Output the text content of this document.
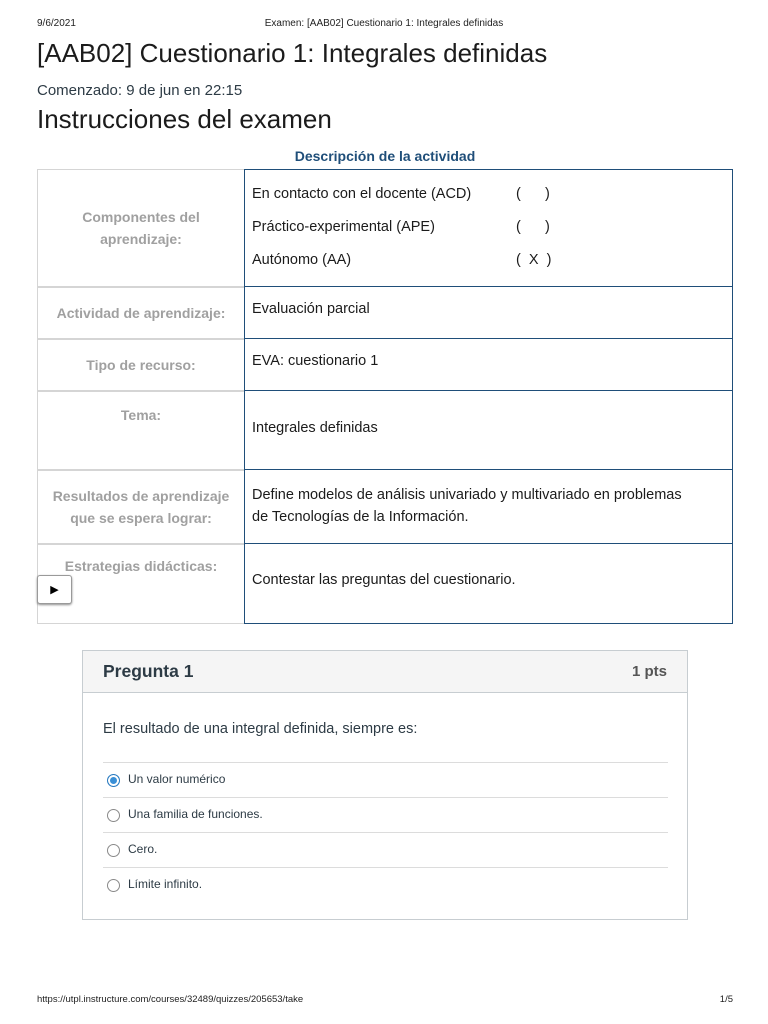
9/6/2021	Examen: [AAB02] Cuestionario 1: Integrales definidas
[AAB02] Cuestionario 1: Integrales definidas
Comenzado: 9 de jun en 22:15
Instrucciones del examen
Descripción de la actividad
Componentes del
aprendizaje:
En contacto con el docente (ACD)	(      )
Práctico-experimental (APE)	(      )
Autónomo (AA)	(  X  )
Actividad de aprendizaje:	Evaluación parcial
Tipo de recurso:	EVA: cuestionario 1
Tema:
Integrales definidas
Resultados de aprendizaje
que se espera lograr:
Define modelos de análisis univariado y multivariado en problemas
de Tecnologías de la Información.
Estrategias didácticas:
Contestar las preguntas del cuestionario.
▶
Pregunta 1	1 pts
El resultado de una integral definida, siempre es:
Un valor numérico
Una familia de funciones.
Cero.
Límite infinito.
https://utpl.instructure.com/courses/32489/quizzes/205653/take	1/5
